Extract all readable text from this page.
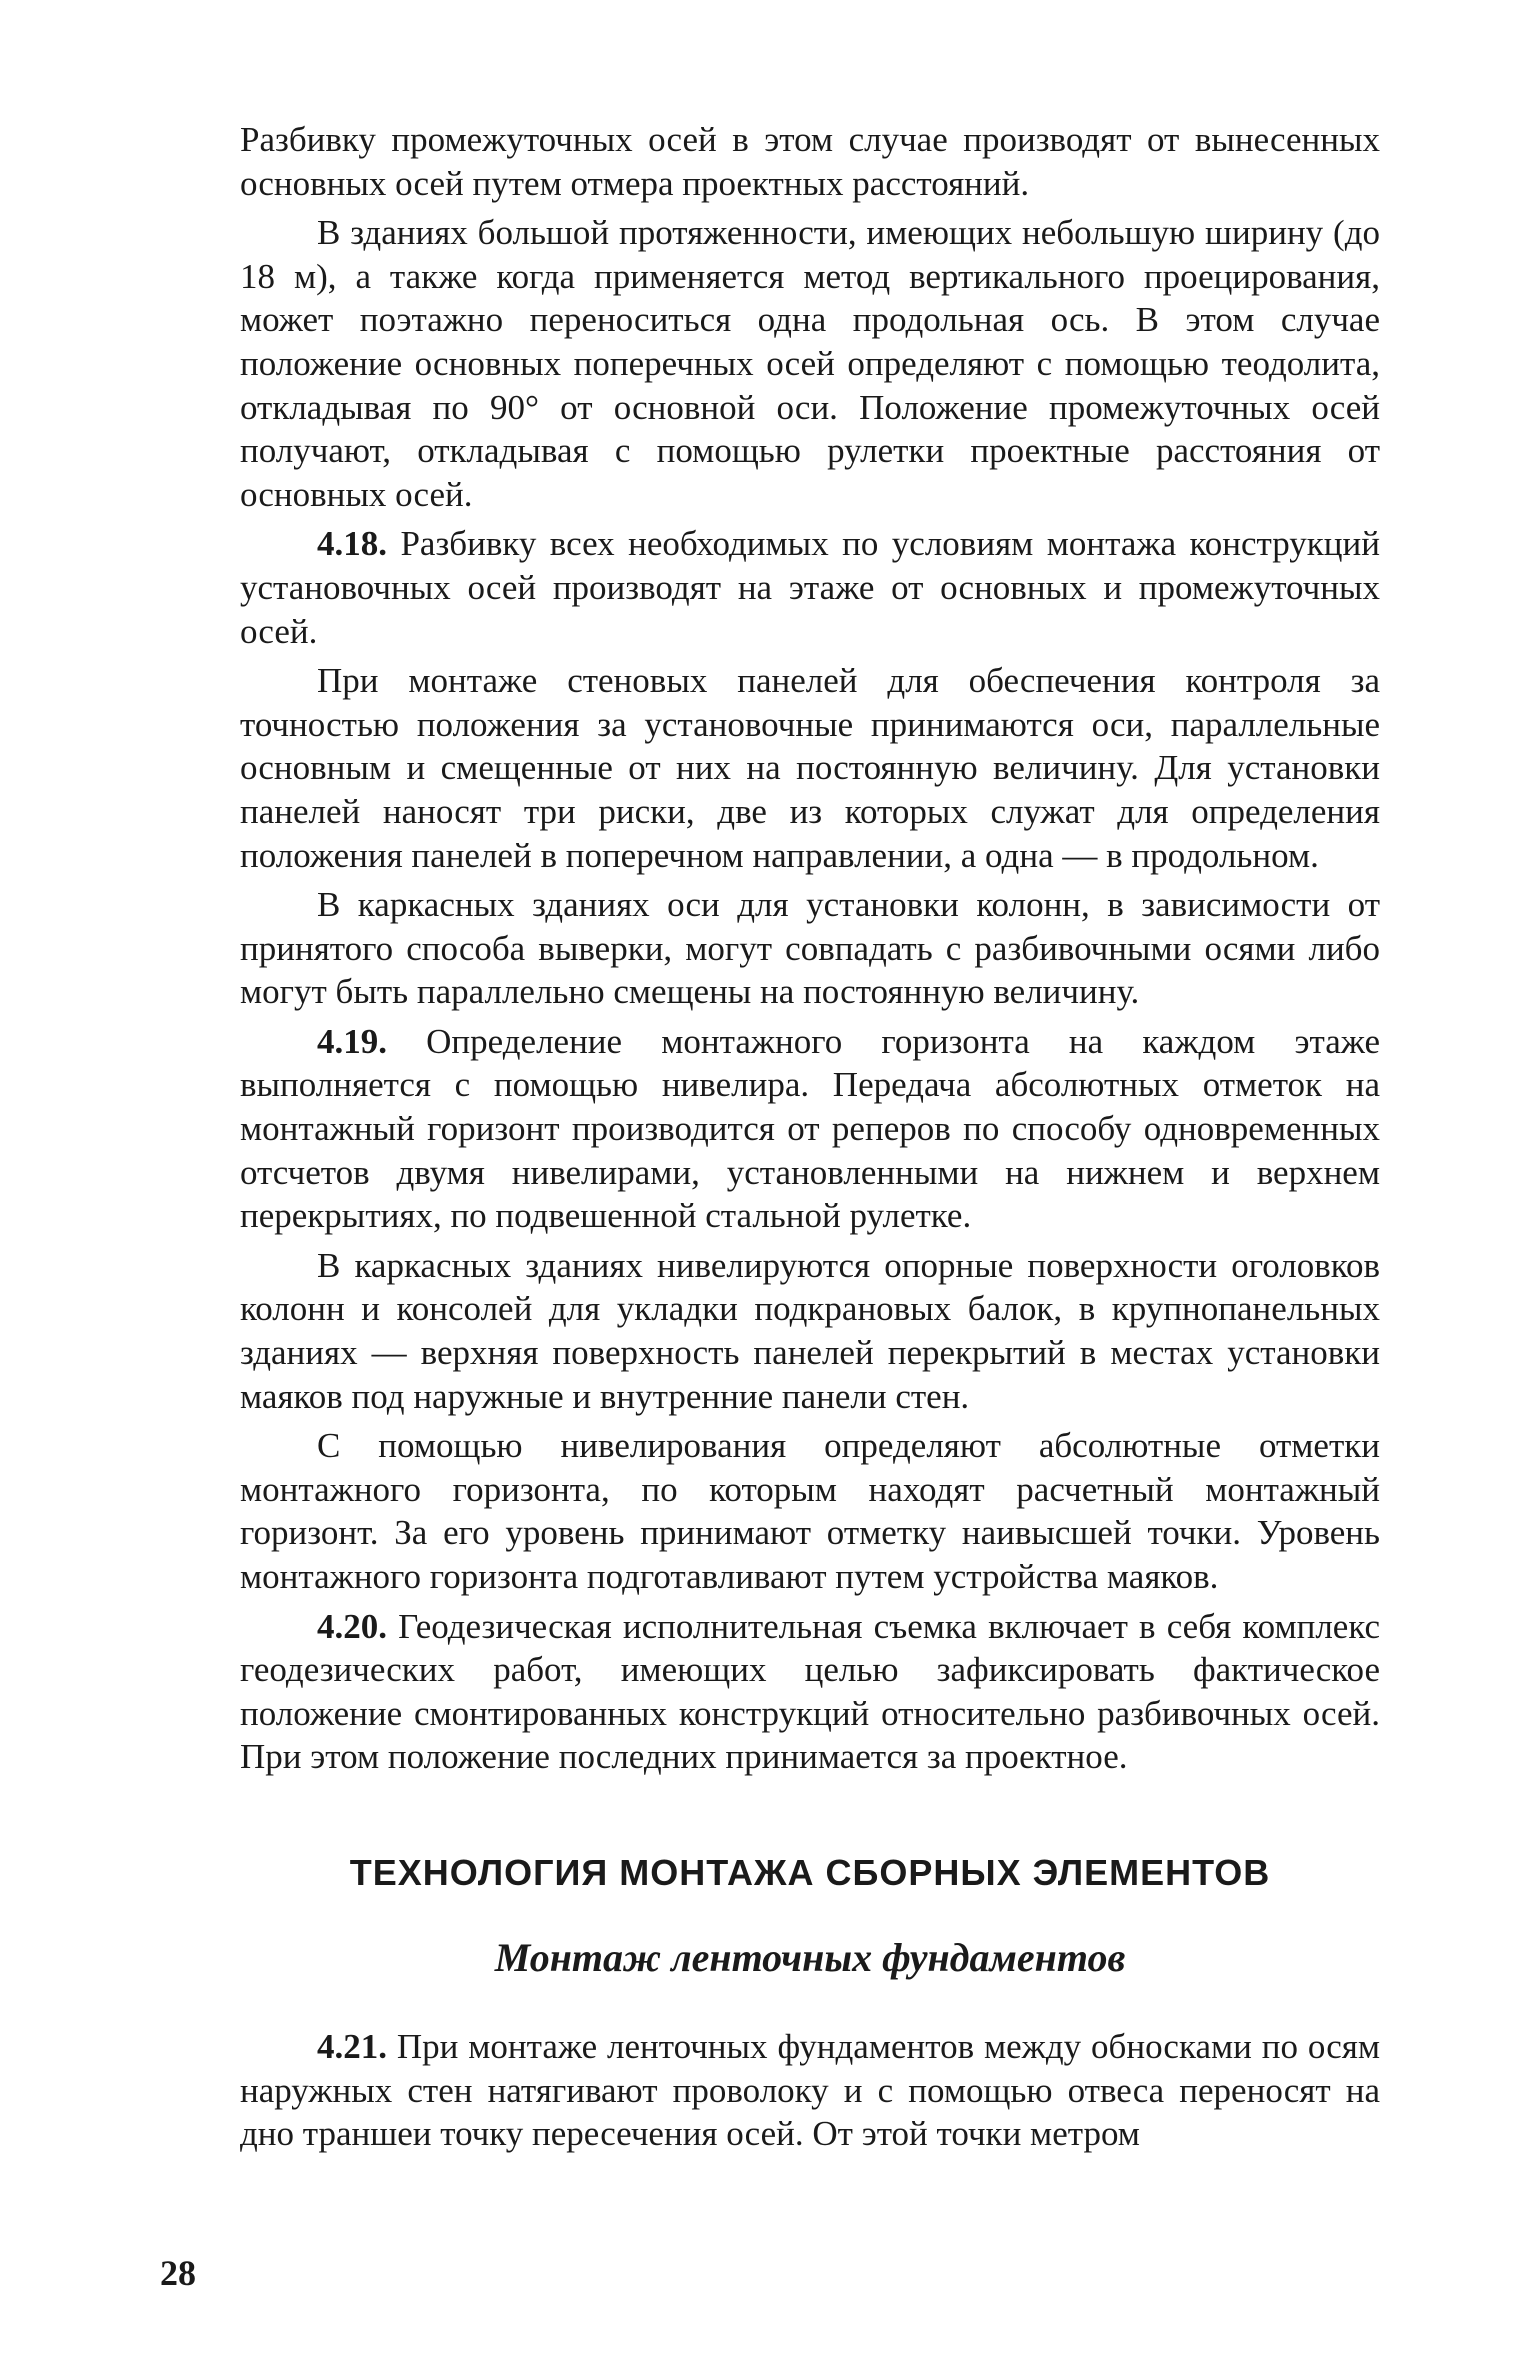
Разбивку промежуточных осей в этом случае производят от вынесенных основных осей путем отмера проектных расстояний.

В зданиях большой протяженности, имеющих небольшую ширину (до 18 м), а также когда применяется метод вертикального проецирования, может поэтажно переноситься одна продольная ось. В этом случае положение основных поперечных осей определяют с помощью теодолита, откладывая по 90° от основной оси. Положение промежуточных осей получают, откладывая с помощью рулетки проектные расстояния от основных осей.

4.18. Разбивку всех необходимых по условиям монтажа конструкций установочных осей производят на этаже от основных и промежуточных осей.

При монтаже стеновых панелей для обеспечения контроля за точностью положения за установочные принимаются оси, параллельные основным и смещенные от них на постоянную величину. Для установки панелей наносят три риски, две из которых служат для определения положения панелей в поперечном направлении, а одна — в продольном.

В каркасных зданиях оси для установки колонн, в зависимости от принятого способа выверки, могут совпадать с разбивочными осями либо могут быть параллельно смещены на постоянную величину.

4.19. Определение монтажного горизонта на каждом этаже выполняется с помощью нивелира. Передача абсолютных отметок на монтажный горизонт производится от реперов по способу одновременных отсчетов двумя нивелирами, установленными на нижнем и верхнем перекрытиях, по подвешенной стальной рулетке.

В каркасных зданиях нивелируются опорные поверхности оголовков колонн и консолей для укладки подкрановых балок, в крупнопанельных зданиях — верхняя поверхность панелей перекрытий в местах установки маяков под наружные и внутренние панели стен.

С помощью нивелирования определяют абсолютные отметки монтажного горизонта, по которым находят расчетный монтажный горизонт. За его уровень принимают отметку наивысшей точки. Уровень монтажного горизонта подготавливают путем устройства маяков.

4.20. Геодезическая исполнительная съемка включает в себя комплекс геодезических работ, имеющих целью зафиксировать фактическое положение смонтированных конструкций относительно разбивочных осей. При этом положение последних принимается за проектное.

ТЕХНОЛОГИЯ МОНТАЖА СБОРНЫХ ЭЛЕМЕНТОВ
Монтаж ленточных фундаментов

4.21. При монтаже ленточных фундаментов между обносками по осям наружных стен натягивают проволоку и с помощью отвеса переносят на дно траншеи точку пересечения осей. От этой точки метром

28
